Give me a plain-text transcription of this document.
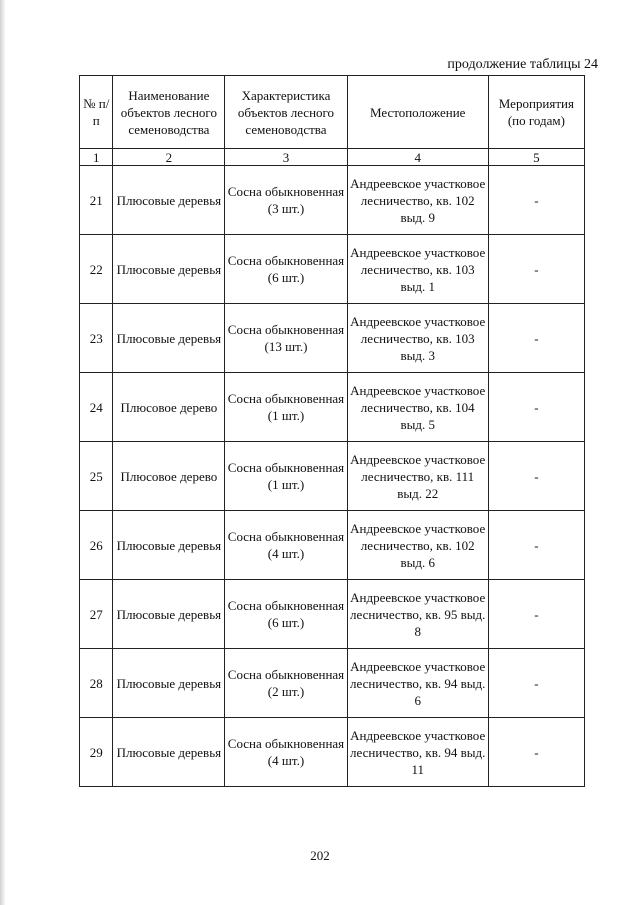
продолжение таблицы 24
№ п/п	Наименование объектов лесного семеноводства	Характеристика объектов лесного семеноводства	Местоположение	Мероприятия (по годам)
1	2	3	4	5
21	Плюсовые деревья	Сосна обыкновенная (3 шт.)	Андреевское участковое лесничество, кв. 102 выд. 9	-
22	Плюсовые деревья	Сосна обыкновенная (6 шт.)	Андреевское участковое лесничество, кв. 103 выд. 1	-
23	Плюсовые деревья	Сосна обыкновенная (13 шт.)	Андреевское участковое лесничество, кв. 103 выд. 3	-
24	Плюсовое дерево	Сосна обыкновенная (1 шт.)	Андреевское участковое лесничество, кв. 104 выд. 5	-
25	Плюсовое дерево	Сосна обыкновенная (1 шт.)	Андреевское участковое лесничество, кв. 111 выд. 22	-
26	Плюсовые деревья	Сосна обыкновенная (4 шт.)	Андреевское участковое лесничество, кв. 102 выд. 6	-
27	Плюсовые деревья	Сосна обыкновенная (6 шт.)	Андреевское участковое лесничество, кв. 95 выд. 8	-
28	Плюсовые деревья	Сосна обыкновенная (2 шт.)	Андреевское участковое лесничество, кв. 94 выд. 6	-
29	Плюсовые деревья	Сосна обыкновенная (4 шт.)	Андреевское участковое лесничество, кв. 94 выд. 11	-
202
